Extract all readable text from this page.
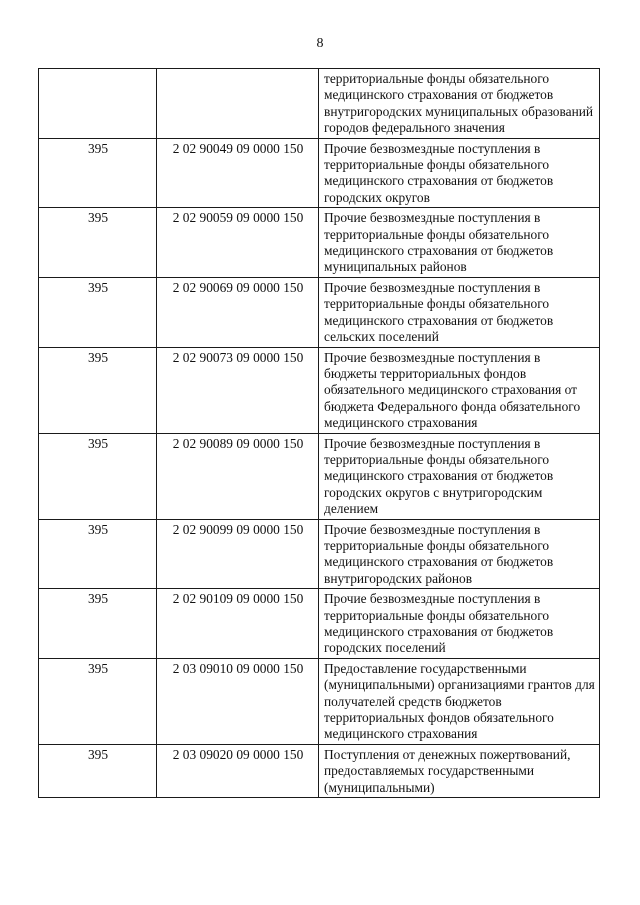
8
		территориальные фонды обязательного медицинского страхования от бюджетов внутригородских муниципальных образований городов федерального значения
395	2 02 90049 09 0000 150	Прочие безвозмездные поступления в территориальные фонды обязательного медицинского страхования от бюджетов городских округов
395	2 02 90059 09 0000 150	Прочие безвозмездные поступления в территориальные фонды обязательного медицинского страхования от бюджетов муниципальных районов
395	2 02 90069 09 0000 150	Прочие безвозмездные поступления в территориальные фонды обязательного медицинского страхования от бюджетов сельских поселений
395	2 02 90073 09 0000 150	Прочие безвозмездные поступления в бюджеты территориальных фондов обязательного медицинского страхования от бюджета Федерального фонда обязательного медицинского страхования
395	2 02 90089 09 0000 150	Прочие безвозмездные поступления в территориальные фонды обязательного медицинского страхования от бюджетов городских округов с внутригородским делением
395	2 02 90099 09 0000 150	Прочие безвозмездные поступления в территориальные фонды обязательного медицинского страхования от бюджетов внутригородских районов
395	2 02 90109 09 0000 150	Прочие безвозмездные поступления в территориальные фонды обязательного медицинского страхования от бюджетов городских поселений
395	2 03 09010 09 0000 150	Предоставление государственными (муниципальными) организациями грантов для получателей средств бюджетов территориальных фондов обязательного медицинского страхования
395	2 03 09020 09 0000 150	Поступления от денежных пожертвований, предоставляемых государственными (муниципальными)
